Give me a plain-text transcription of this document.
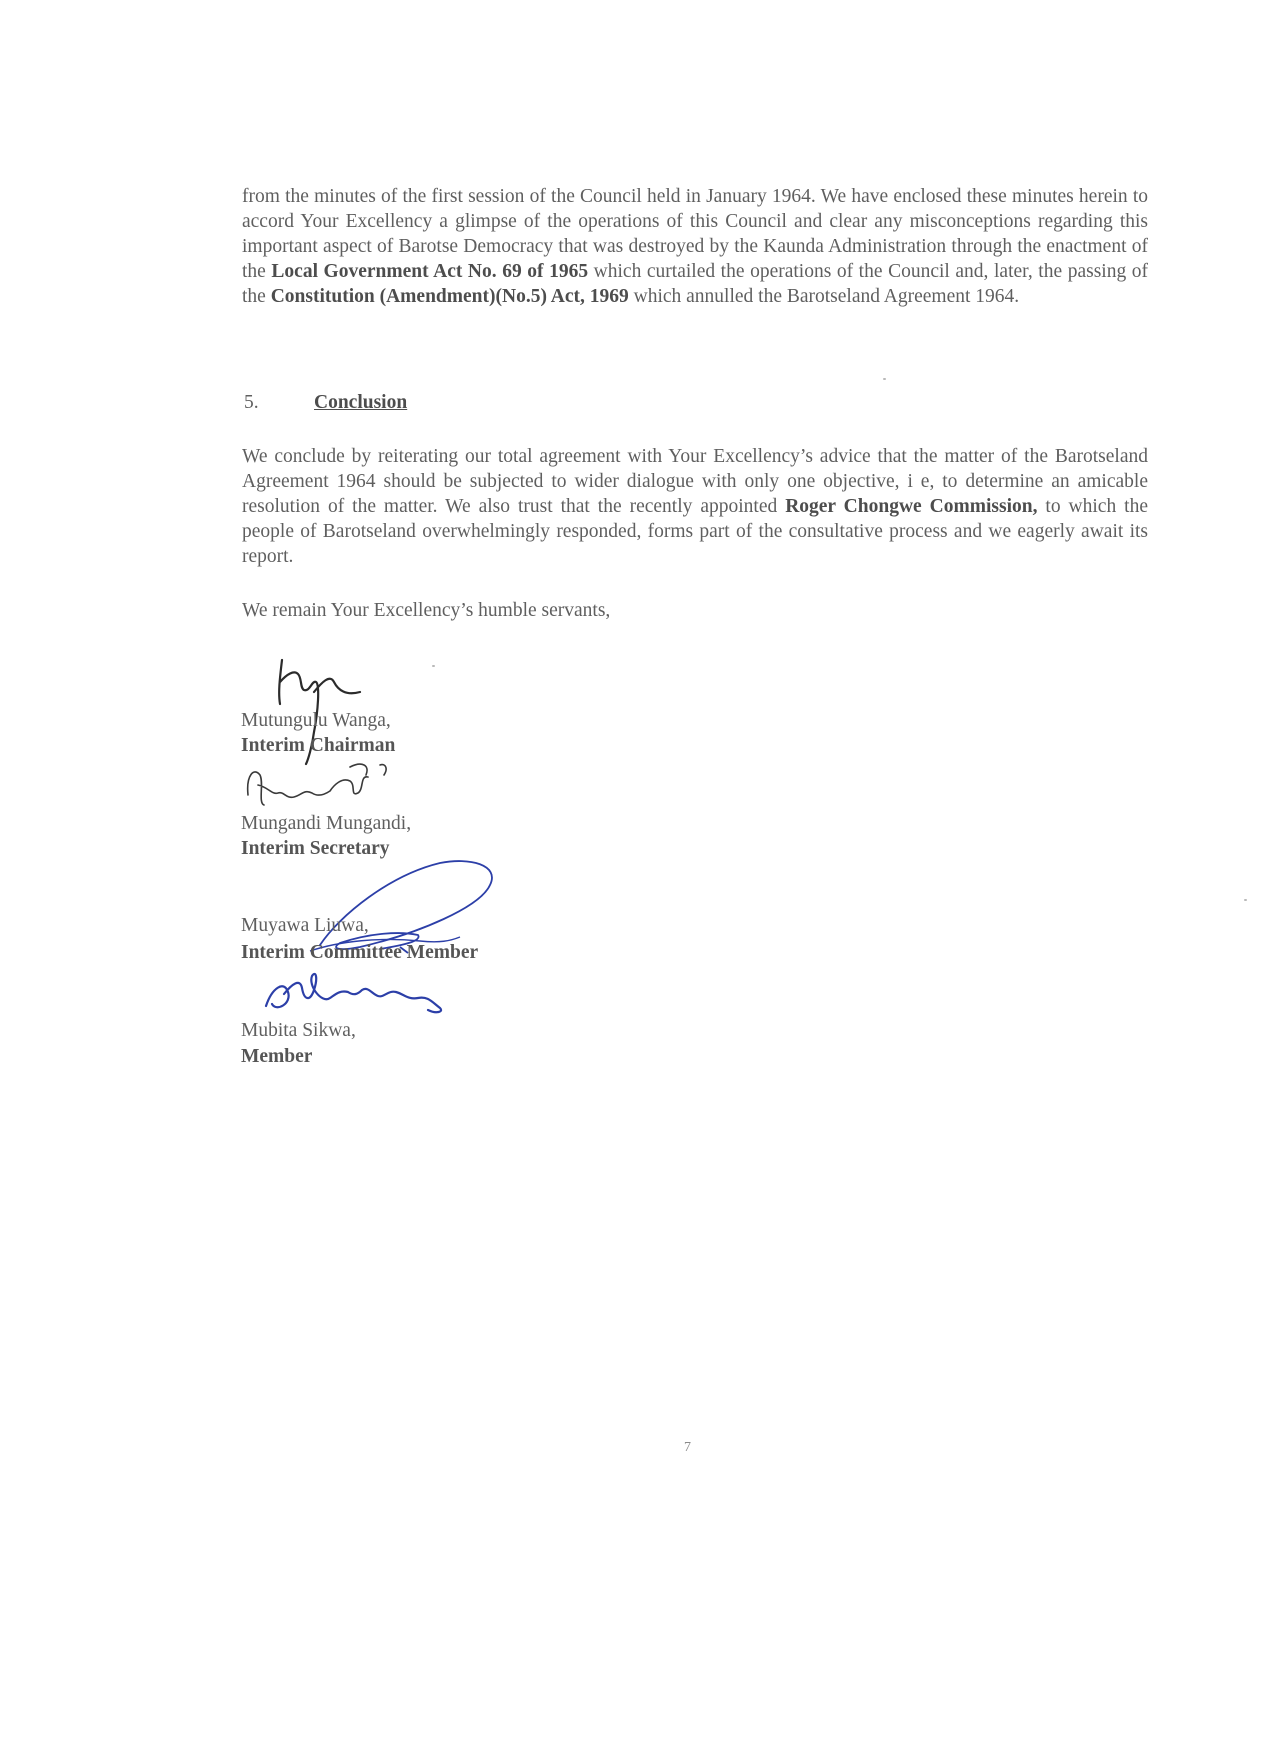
from the minutes of the first session of the Council held in January 1964. We have enclosed these minutes herein to accord Your Excellency a glimpse of the operations of this Council and clear any misconceptions regarding this important aspect of Barotse Democracy that was destroyed by the Kaunda Administration through the enactment of the Local Government Act No. 69 of 1965 which curtailed the operations of the Council and, later, the passing of the Constitution (Amendment)(No.5) Act, 1969 which annulled the Barotseland Agreement 1964.

5.	Conclusion

We conclude by reiterating our total agreement with Your Excellency’s advice that the matter of the Barotseland Agreement 1964 should be subjected to wider dialogue with only one objective, i e, to determine an amicable resolution of the matter. We also trust that the recently appointed Roger Chongwe Commission, to which the people of Barotseland overwhelmingly responded, forms part of the consultative process and we eagerly await its report.

We remain Your Excellency’s humble servants,
Mutungulu Wanga,
Interim Chairman
Mungandi Mungandi,
Interim Secretary
Muyawa Liuwa,
Interim Committee Member
Mubita Sikwa,
Member
7
